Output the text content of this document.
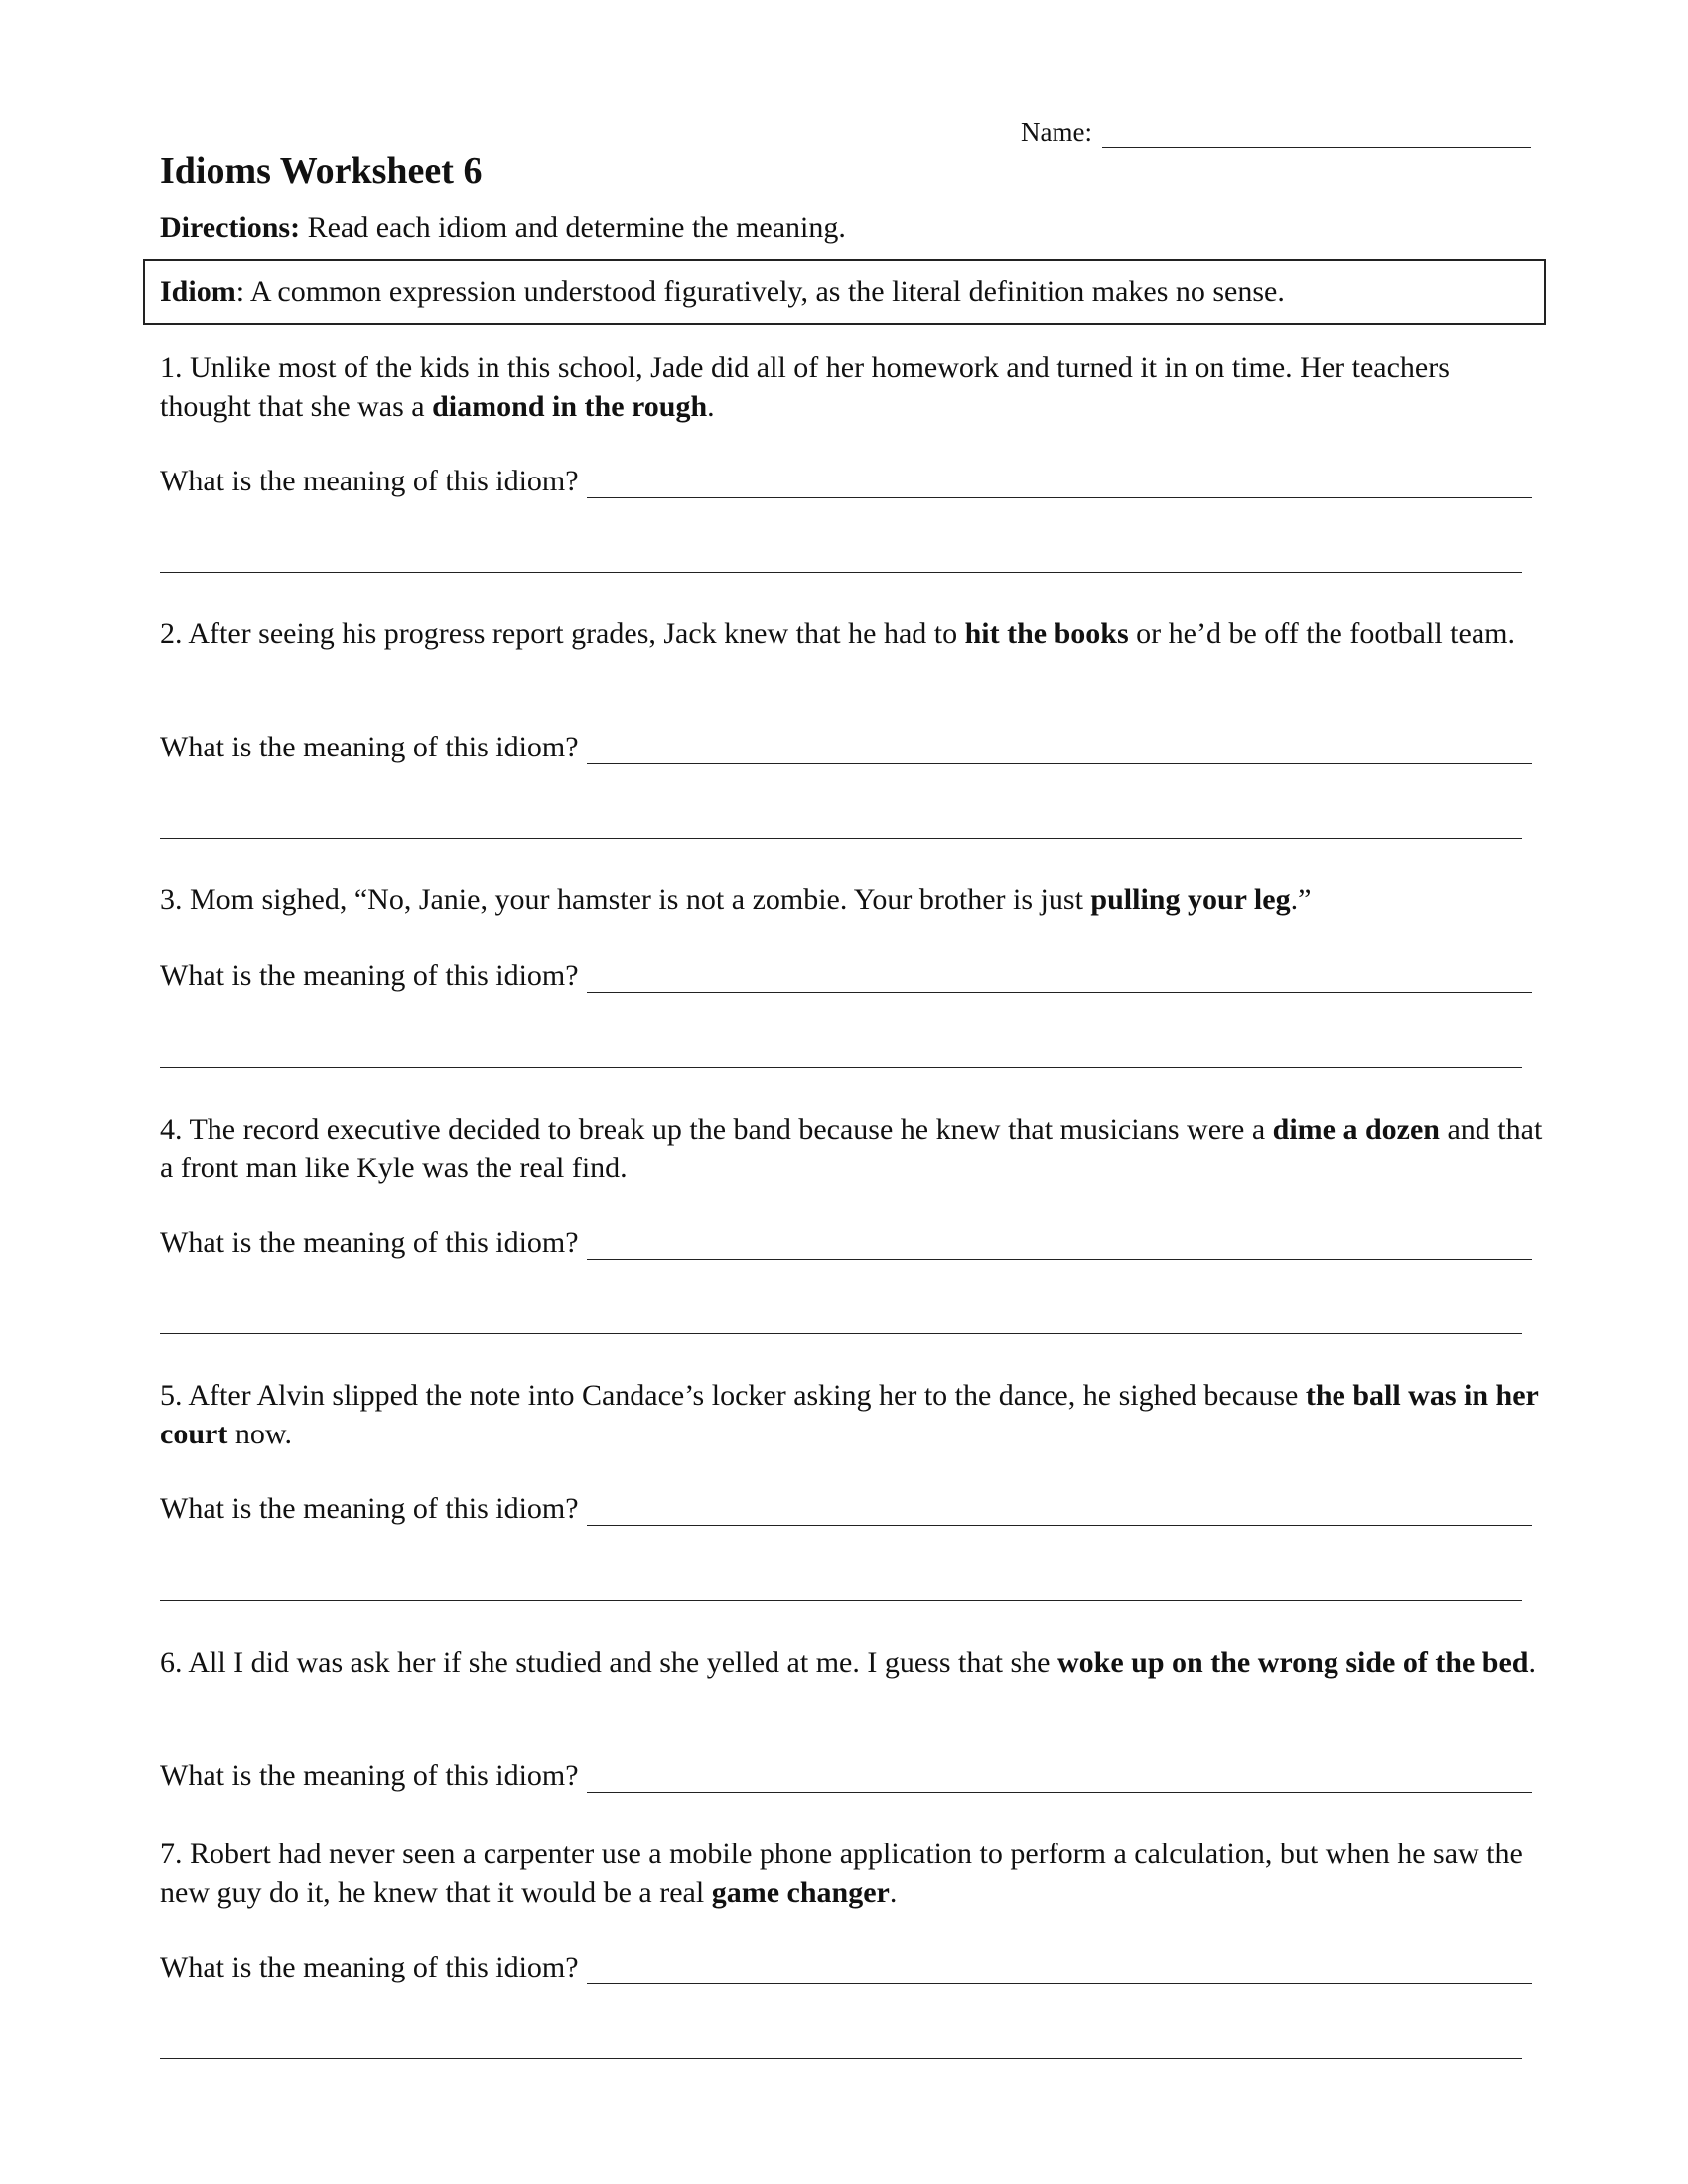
Name:
Idioms Worksheet 6
Directions: Read each idiom and determine the meaning.
Idiom: A common expression understood figuratively, as the literal definition makes no sense.
1. Unlike most of the kids in this school, Jade did all of her homework and turned it in on time. Her teachers thought that she was a diamond in the rough.
What is the meaning of this idiom?
2. After seeing his progress report grades, Jack knew that he had to hit the books or he’d be off the football team.
What is the meaning of this idiom?
3. Mom sighed, “No, Janie, your hamster is not a zombie. Your brother is just pulling your leg.”
What is the meaning of this idiom?
4. The record executive decided to break up the band because he knew that musicians were a dime a dozen and that a front man like Kyle was the real find.
What is the meaning of this idiom?
5. After Alvin slipped the note into Candace’s locker asking her to the dance, he sighed because the ball was in her court now.
What is the meaning of this idiom?
6. All I did was ask her if she studied and she yelled at me. I guess that she woke up on the wrong side of the bed.
What is the meaning of this idiom?
7. Robert had never seen a carpenter use a mobile phone application to perform a calculation, but when he saw the new guy do it, he knew that it would be a real game changer.
What is the meaning of this idiom?
